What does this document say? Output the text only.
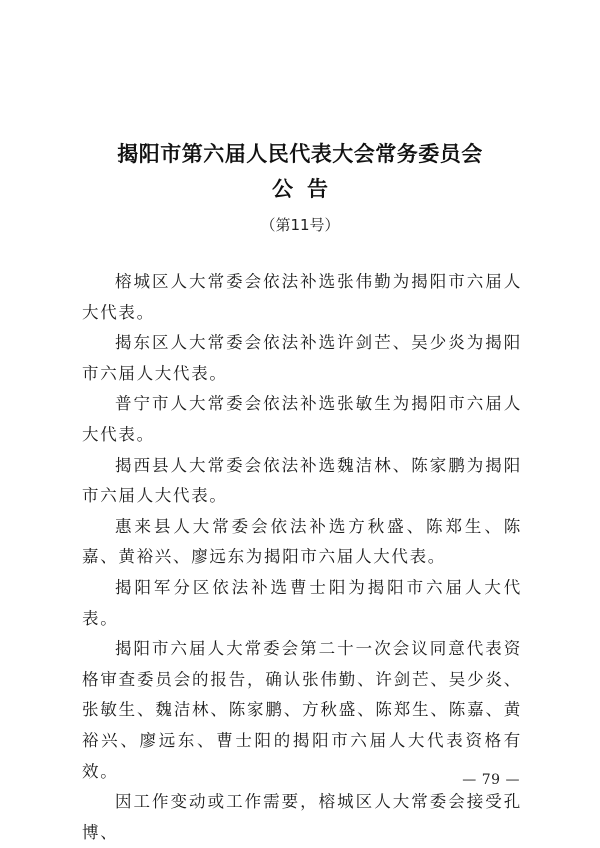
揭阳市第六届人民代表大会常务委员会
公告
（第11号）

榕城区人大常委会依法补选张伟勤为揭阳市六届人大代表。

揭东区人大常委会依法补选许剑芒、吴少炎为揭阳市六届人大代表。

普宁市人大常委会依法补选张敏生为揭阳市六届人大代表。

揭西县人大常委会依法补选魏洁林、陈家鹏为揭阳市六届人大代表。

惠来县人大常委会依法补选方秋盛、陈郑生、陈嘉、黄裕兴、廖远东为揭阳市六届人大代表。

揭阳军分区依法补选曹士阳为揭阳市六届人大代表。

揭阳市六届人大常委会第二十一次会议同意代表资格审查委员会的报告，确认张伟勤、许剑芒、吴少炎、张敏生、魏洁林、陈家鹏、方秋盛、陈郑生、陈嘉、黄裕兴、廖远东、曹士阳的揭阳市六届人大代表资格有效。

因工作变动或工作需要，榕城区人大常委会接受孔博、

— 79 —
